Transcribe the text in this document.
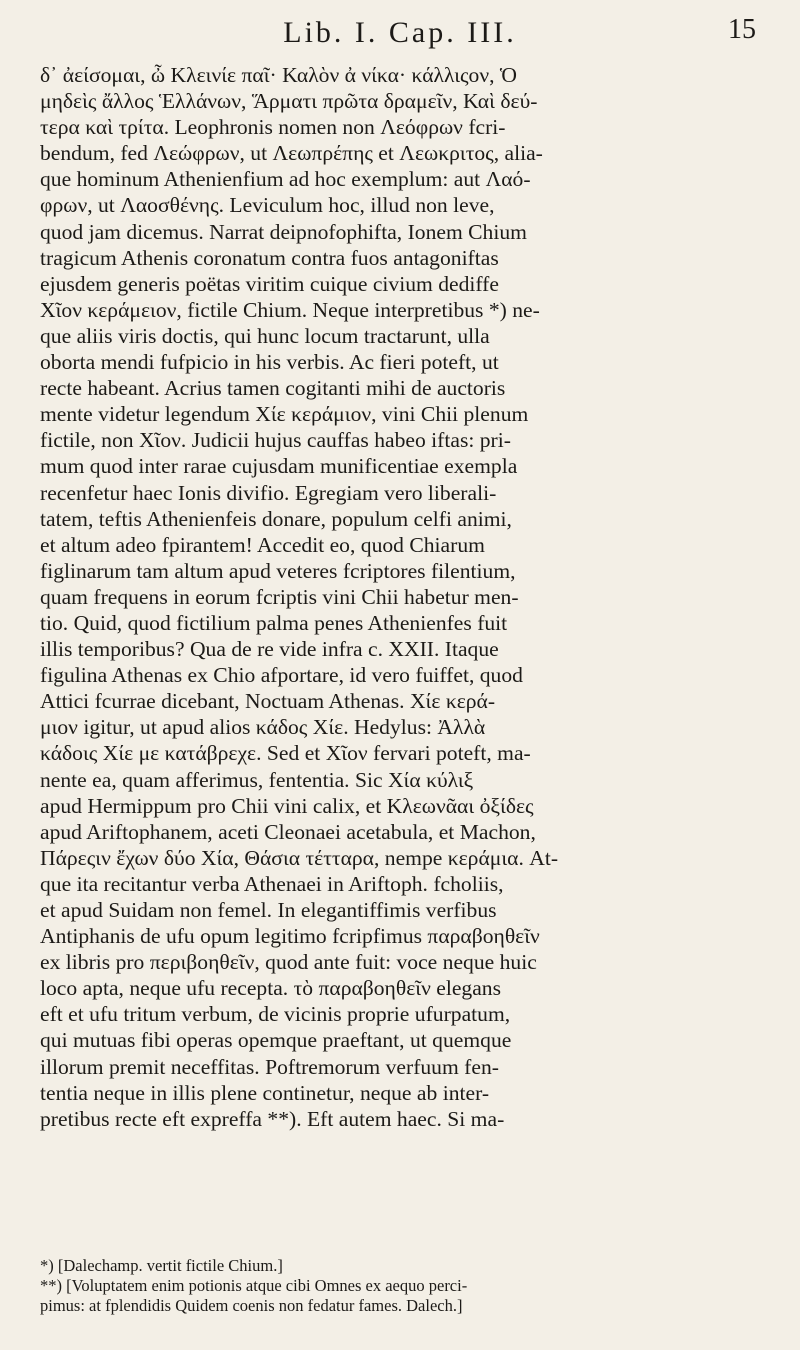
Lib. I. Cap. III.	15
δ᾽ ἀείσομαι, ὦ Κλεινίε παῖ· Καλὸν ἀ νίκα· κάλλιςον, Ὁ
μηδεὶς ἄλλος Ἑλλάνων, Ἅρματι πρῶτα δραμεῖν, Καὶ δεύ-
τερα καὶ τρίτα. Leophronis nomen non Λεόφρων fcri-
bendum, fed Λεώφρων, ut Λεωπρέπης et Λεωκριτος, alia-
que hominum Athenienfium ad hoc exemplum: aut Λαό-
φρων, ut Λαοσθένης. Leviculum hoc, illud non leve,
quod jam dicemus. Narrat deipnofophifta, Ionem Chium
tragicum Athenis coronatum contra fuos antagoniftas
ejusdem generis poëtas viritim cuique civium dediffe
Χῖον κεράμειον, fictile Chium. Neque interpretibus *) ne-
que aliis viris doctis, qui hunc locum tractarunt, ulla
oborta mendi fufpicio in his verbis. Ac fieri poteft, ut
recte habeant. Acrius tamen cogitanti mihi de auctoris
mente videtur legendum Χίε κεράμιον, vini Chii plenum
fictile, non Χῖον. Judicii hujus cauffas habeo iftas: pri-
mum quod inter rarae cujusdam munificentiae exempla
recenfetur haec Ionis divifio. Egregiam vero liberali-
tatem, teftis Athenienfeis donare, populum celfi animi,
et altum adeo fpirantem! Accedit eo, quod Chiarum
figlinarum tam altum apud veteres fcriptores filentium,
quam frequens in eorum fcriptis vini Chii habetur men-
tio. Quid, quod fictilium palma penes Athenienfes fuit
illis temporibus? Qua de re vide infra c. XXII. Itaque
figulina Athenas ex Chio afportare, id vero fuiffet, quod
Attici fcurrae dicebant, Noctuam Athenas. Χίε κερά-
μιον igitur, ut apud alios κάδος Χίε. Hedylus: Ἀλλὰ
κάδοις Χίε με κατάβρεχε. Sed et Χῖον fervari poteft, ma-
nente ea, quam afferimus, fententia. Sic Χία κύλιξ
apud Hermippum pro Chii vini calix, et Κλεωνᾶαι ὀξίδες
apud Ariftophanem, aceti Cleonaei acetabula, et Machon,
Πάρεςιν ἔχων δύο Χία, Θάσια τέτταρα, nempe κεράμια. At-
que ita recitantur verba Athenaei in Ariftoph. fcholiis,
et apud Suidam non femel. In elegantiffimis verfibus
Antiphanis de ufu opum legitimo fcripfimus παραβοηθεῖν
ex libris pro περιβοηθεῖν, quod ante fuit: voce neque huic
loco apta, neque ufu recepta. τὸ παραβοηθεῖν elegans
eft et ufu tritum verbum, de vicinis proprie ufurpatum,
qui mutuas fibi operas opemque praeftant, ut quemque
illorum premit neceffitas. Poftremorum verfuum fen-
tentia neque in illis plene continetur, neque ab inter-
pretibus recte eft expreffa **). Eft autem haec. Si ma-
*) [Dalechamp. vertit fictile Chium.]
**) [Voluptatem enim potionis atque cibi Omnes ex aequo perci-
pimus: at fplendidis Quidem coenis non fedatur fames. Dalech.]
